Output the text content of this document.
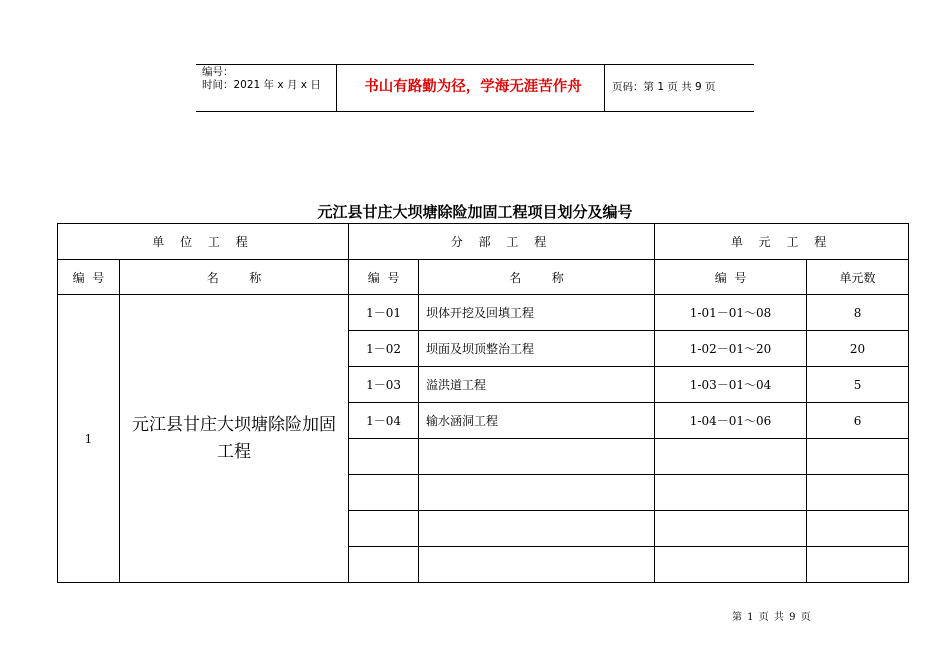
编号：
时间：2021 年 x 月 x 日	书山有路勤为径，学海无涯苦作舟	页码：第 1 页 共 9 页
元江县甘庄大坝塘除险加固工程项目划分及编号
单 位 工 程		分 部 工 程		单 元 工 程	
编  号	名        称	编  号	名        称	编  号	单元数
1	元江县甘庄大坝塘除险加固工程	1－01	坝体开挖及回填工程	1-01－01～08	8
		1－02	坝面及坝顶整治工程	1-02－01～20	20
		1－03	溢洪道工程	1-03－01～04	5
		1－04	输水涵洞工程	1-04－01～06	6

第 1 页 共 9 页
